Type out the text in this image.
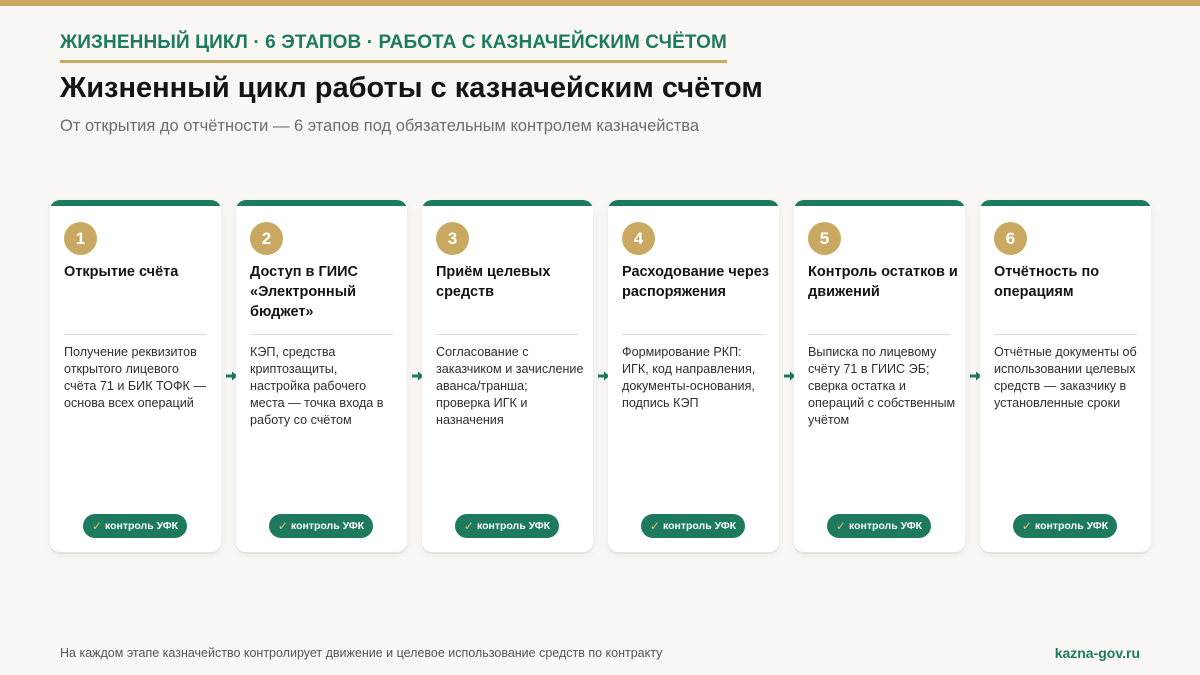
ЖИЗНЕННЫЙ ЦИКЛ · 6 ЭТАПОВ · РАБОТА С КАЗНАЧЕЙСКИМ СЧЁТОМ
Жизненный цикл работы с казначейским счётом
От открытия до отчётности — 6 этапов под обязательным контролем казначейства
1
Открытие счёта
Получение реквизитов открытого лицевого счёта 71 и БИК ТОФК — основа всех операций
✓ контроль УФК
2
Доступ в ГИИС «Электронный бюджет»
КЭП, средства криптозащиты, настройка рабочего места — точка входа в работу со счётом
✓ контроль УФК
3
Приём целевых средств
Согласование с заказчиком и зачисление аванса/транша; проверка ИГК и назначения
✓ контроль УФК
4
Расходование через распоряжения
Формирование РКП: ИГК, код направления, документы-основания, подпись КЭП
✓ контроль УФК
5
Контроль остатков и движений
Выписка по лицевому счёту 71 в ГИИС ЭБ; сверка остатка и операций с собственным учётом
✓ контроль УФК
6
Отчётность по операциям
Отчётные документы об использовании целевых средств — заказчику в установленные сроки
✓ контроль УФК
На каждом этапе казначейство контролирует движение и целевое использование средств по контракту	kazna-gov.ru
